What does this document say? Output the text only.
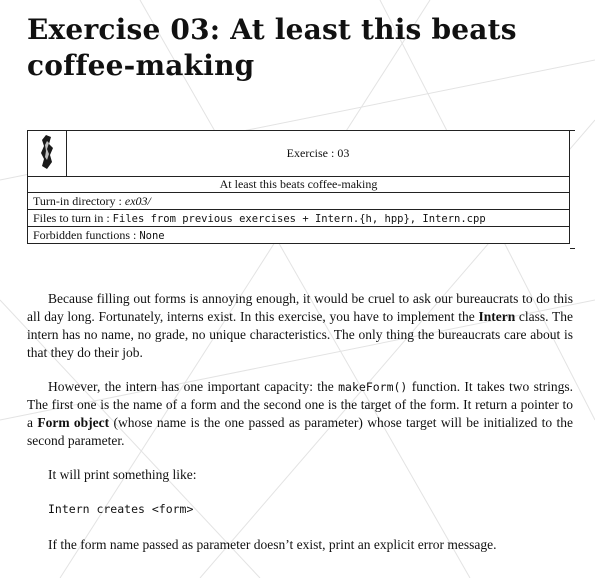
Exercise 03: At least this beats coffee-making
	Exercise : 03
At least this beats coffee-making
Turn-in directory : ex03/
Files to turn in : Files from previous exercises + Intern.{h, hpp}, Intern.cpp
Forbidden functions : None

Because filling out forms is annoying enough, it would be cruel to ask our bureaucrats to do this all day long. Fortunately, interns exist. In this exercise, you have to implement the Intern class. The intern has no name, no grade, no unique characteristics. The only thing the bureaucrats care about is that they do their job.

However, the intern has one important capacity: the makeForm() function. It takes two strings. The first one is the name of a form and the second one is the target of the form. It return a pointer to a Form object (whose name is the one passed as parameter) whose target will be initialized to the second parameter.

It will print something like:

Intern creates <form>

If the form name passed as parameter doesn’t exist, print an explicit error message.
